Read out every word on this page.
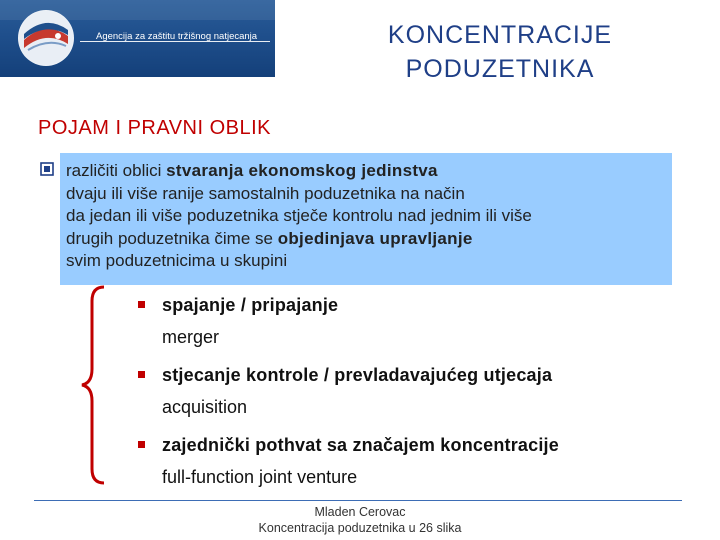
Agencija za zaštitu tržišnog natjecanja	KONCENTRACIJE
PODUZETNIKA
POJAM I PRAVNI OBLIK
različiti oblici stvaranja ekonomskog jedinstva
dvaju ili više ranije samostalnih poduzetnika na način
da jedan ili više poduzetnika stječe kontrolu nad jednim ili više
drugih poduzetnika čime se objedinjava upravljanje
svim poduzetnicima u skupini
spajanje / pripajanje
merger
stjecanje kontrole / prevladavajućeg utjecaja
acquisition
zajednički pothvat sa značajem koncentracije
full-function joint venture
Mladen Cerovac
Koncentracija poduzetnika u 26 slika
